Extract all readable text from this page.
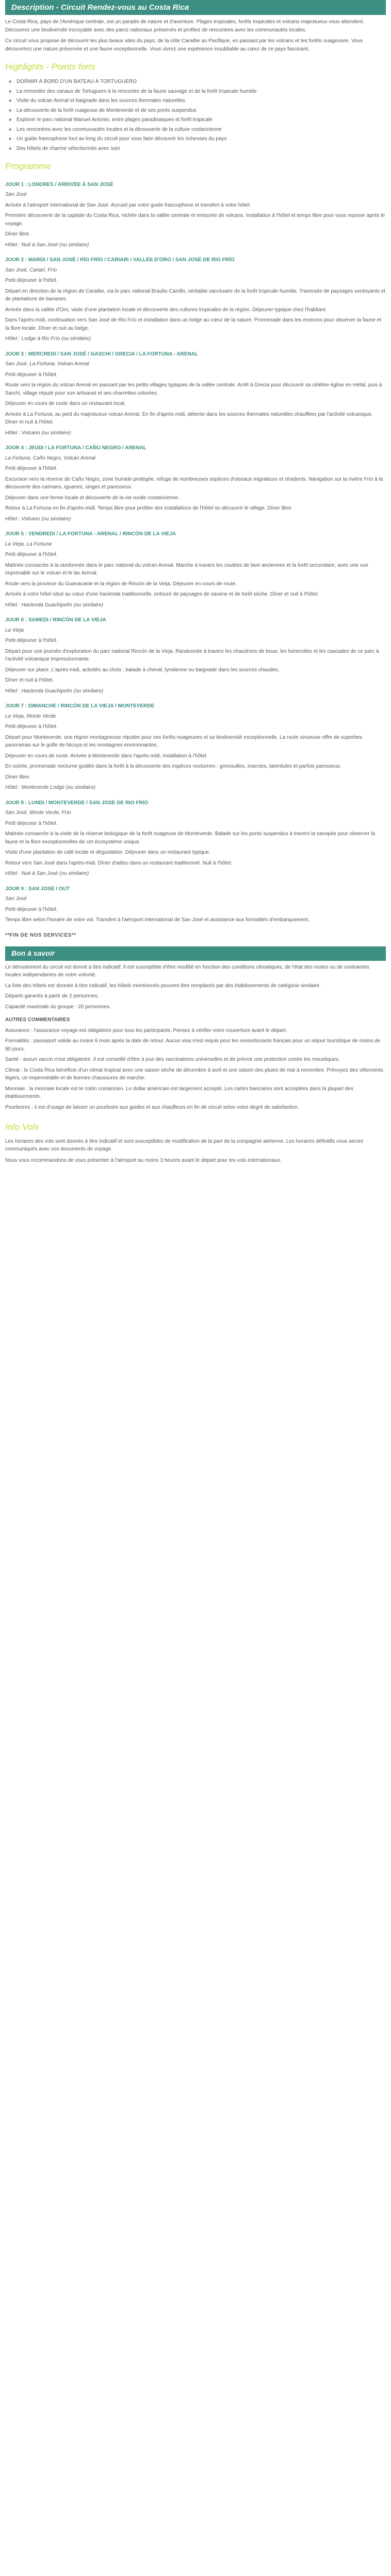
Description - Circuit Rendez-vous au Costa Rica

Le Costa Rica, pays de l'Amérique centrale, est un paradis de nature et d'aventure. Plages tropicales, forêts tropicales et volcans majestueux vous attendent. Découvrez une biodiversité incroyable avec des parcs nationaux préservés et profitez de rencontres avec les communautés locales.

Ce circuit vous propose de découvrir les plus beaux sites du pays, de la côte Caraïbe au Pacifique, en passant par les volcans et les forêts nuageuses. Vous découvrirez une nature préservée et une faune exceptionnelle. Vous vivrez une expérience inoubliable au cœur de ce pays fascinant.

Highlights - Points forts
▸ DORMIR À BORD D'UN BATEAU À TORTUGUERO
▸ La remontée des canaux de Tortuguero à la rencontre de la faune sauvage et de la forêt tropicale humide
▸ Visite du volcan Arenal et baignade dans les sources thermales naturelles
▸ La découverte de la forêt nuageuse de Monteverde et de ses ponts suspendus
▸ Explorer le parc national Manuel Antonio, entre plages paradisiaques et forêt tropicale
▸ Les rencontres avec les communautés locales et la découverte de la culture costaricienne
▸ Un guide francophone tout au long du circuit pour vous faire découvrir les richesses du pays
▸ Des hôtels de charme sélectionnés avec soin
Programme
JOUR 1 : LONDRES / ARRIVÉE À SAN JOSÉ
San José

Arrivée à l'aéroport international de San José. Accueil par votre guide francophone et transfert à votre hôtel.

Première découverte de la capitale du Costa Rica, nichée dans la vallée centrale et entourée de volcans. Installation à l'hôtel et temps libre pour vous reposer après le voyage.

Dîner libre.

Hôtel : Nuit à San José (ou similaire)
JOUR 2 : MARDI / SAN JOSÉ / RÍO FRÍO / CARIARI / VALLÉE D'ORO / SAN JOSÉ DE RIO FRÍO
San José, Cariari, Frío

Petit déjeuner à l'hôtel.

Départ en direction de la région de Caraïbe, via le parc national Braulio Carrillo, véritable sanctuaire de la forêt tropicale humide. Traversée de paysages verdoyants et de plantations de bananes.

Arrivée dans la vallée d'Oro, visite d'une plantation locale et découverte des cultures tropicales de la région. Déjeuner typique chez l'habitant.

Dans l'après-midi, continuation vers San José de Rio Frío et installation dans un lodge au cœur de la nature. Promenade dans les environs pour observer la faune et la flore locale. Dîner et nuit au lodge.

Hôtel : Lodge à Rio Frío (ou similaire)
JOUR 3 : MERCREDI / SAN JOSÉ / GASCHI / GRECIA / LA FORTUNA - ARENAL
San José, La Fortuna, Volcan Arenal

Petit déjeuner à l'hôtel.

Route vers la région du volcan Arenal en passant par les petits villages typiques de la vallée centrale. Arrêt à Grecia pour découvrir sa célèbre église en métal, puis à Sarchí, village réputé pour son artisanat et ses charrettes colorées.

Déjeuner en cours de route dans un restaurant local.

Arrivée à La Fortuna, au pied du majestueux volcan Arenal. En fin d'après-midi, détente dans les sources thermales naturelles chauffées par l'activité volcanique. Dîner et nuit à l'hôtel.

Hôtel : Volcano (ou similaire)
JOUR 4 : JEUDI / LA FORTUNA / CAÑO NEGRO / ARENAL
La Fortuna, Caño Negro, Volcan Arenal

Petit déjeuner à l'hôtel.

Excursion vers la réserve de Caño Negro, zone humide protégée, refuge de nombreuses espèces d'oiseaux migrateurs et résidents. Navigation sur la rivière Frío à la découverte des caïmans, iguanes, singes et paresseux.

Déjeuner dans une ferme locale et découverte de la vie rurale costaricienne.

Retour à La Fortuna en fin d'après-midi. Temps libre pour profiter des installations de l'hôtel ou découvrir le village. Dîner libre.

Hôtel : Volcano (ou similaire)
JOUR 5 : VENDREDI / LA FORTUNA - ARENAL / RINCÓN DE LA VIEJA
La Vieja, La Fortuna

Petit déjeuner à l'hôtel.

Matinée consacrée à la randonnée dans le parc national du volcan Arenal. Marche à travers les coulées de lave anciennes et la forêt secondaire, avec une vue imprenable sur le volcan et le lac Arenal.

Route vers la province du Guanacaste et la région de Rincón de la Vieja. Déjeuner en cours de route.

Arrivée à votre hôtel situé au cœur d'une hacienda traditionnelle, entouré de paysages de savane et de forêt sèche. Dîner et nuit à l'hôtel.

Hôtel : Hacienda Guachipelín (ou similaire)
JOUR 6 : SAMEDI / RINCÓN DE LA VIEJA
La Vieja

Petit déjeuner à l'hôtel.

Départ pour une journée d'exploration du parc national Rincón de la Vieja. Randonnée à travers les chaudrons de boue, les fumerolles et les cascades de ce parc à l'activité volcanique impressionnante.

Déjeuner sur place. L'après-midi, activités au choix : balade à cheval, tyrolienne ou baignade dans les sources chaudes.

Dîner et nuit à l'hôtel.

Hôtel : Hacienda Guachipelín (ou similaire)
JOUR 7 : DIMANCHE / RINCÓN DE LA VIEJA / MONTEVERDE
La Vieja, Monte Verde

Petit déjeuner à l'hôtel.

Départ pour Monteverde, une région montagneuse réputée pour ses forêts nuageuses et sa biodiversité exceptionnelle. La route sinueuse offre de superbes panoramas sur le golfe de Nicoya et les montagnes environnantes.

Déjeuner en cours de route. Arrivée à Monteverde dans l'après-midi, installation à l'hôtel.

En soirée, promenade nocturne guidée dans la forêt à la découverte des espèces nocturnes : grenouilles, insectes, tarentules et parfois paresseux.

Dîner libre.

Hôtel : Monteverde Lodge (ou similaire)
JOUR 8 : LUNDI / MONTEVERDE / SAN JOSÉ DE RIO FRÍO
San José, Monte Verde, Frío

Petit déjeuner à l'hôtel.

Matinée consacrée à la visite de la réserve biologique de la forêt nuageuse de Monteverde. Balade sur les ponts suspendus à travers la canopée pour observer la faune et la flore exceptionnelles de cet écosystème unique.

Visite d'une plantation de café locale et dégustation. Déjeuner dans un restaurant typique.

Retour vers San José dans l'après-midi. Dîner d'adieu dans un restaurant traditionnel. Nuit à l'hôtel.

Hôtel : Nuit à San José (ou similaire)
JOUR 9 : SAN JOSÉ / OUT
San José

Petit déjeuner à l'hôtel.

Temps libre selon l'horaire de votre vol. Transfert à l'aéroport international de San José et assistance aux formalités d'embarquement.

**FIN DE NOS SERVICES**
Bon à savoir

Le déroulement du circuit est donné à titre indicatif. Il est susceptible d'être modifié en fonction des conditions climatiques, de l'état des routes ou de contraintes locales indépendantes de notre volonté.

La liste des hôtels est donnée à titre indicatif, les hôtels mentionnés peuvent être remplacés par des établissements de catégorie similaire.

Départs garantis à partir de 2 personnes.

Capacité maximale du groupe : 20 personnes.

AUTRES COMMENTAIRES

Assurance : l'assurance voyage est obligatoire pour tous les participants. Pensez à vérifier votre couverture avant le départ.

Formalités : passeport valide au moins 6 mois après la date de retour. Aucun visa n'est requis pour les ressortissants français pour un séjour touristique de moins de 90 jours.

Santé : aucun vaccin n'est obligatoire. Il est conseillé d'être à jour des vaccinations universelles et de prévoir une protection contre les moustiques.

Climat : le Costa Rica bénéficie d'un climat tropical avec une saison sèche de décembre à avril et une saison des pluies de mai à novembre. Prévoyez des vêtements légers, un imperméable et de bonnes chaussures de marche.

Monnaie : la monnaie locale est le colón costaricien. Le dollar américain est largement accepté. Les cartes bancaires sont acceptées dans la plupart des établissements.

Pourboires : il est d'usage de laisser un pourboire aux guides et aux chauffeurs en fin de circuit selon votre degré de satisfaction.

Info Vols

Les horaires des vols sont donnés à titre indicatif et sont susceptibles de modification de la part de la compagnie aérienne. Les horaires définitifs vous seront communiqués avec vos documents de voyage.

Nous vous recommandons de vous présenter à l'aéroport au moins 3 heures avant le départ pour les vols internationaux.
